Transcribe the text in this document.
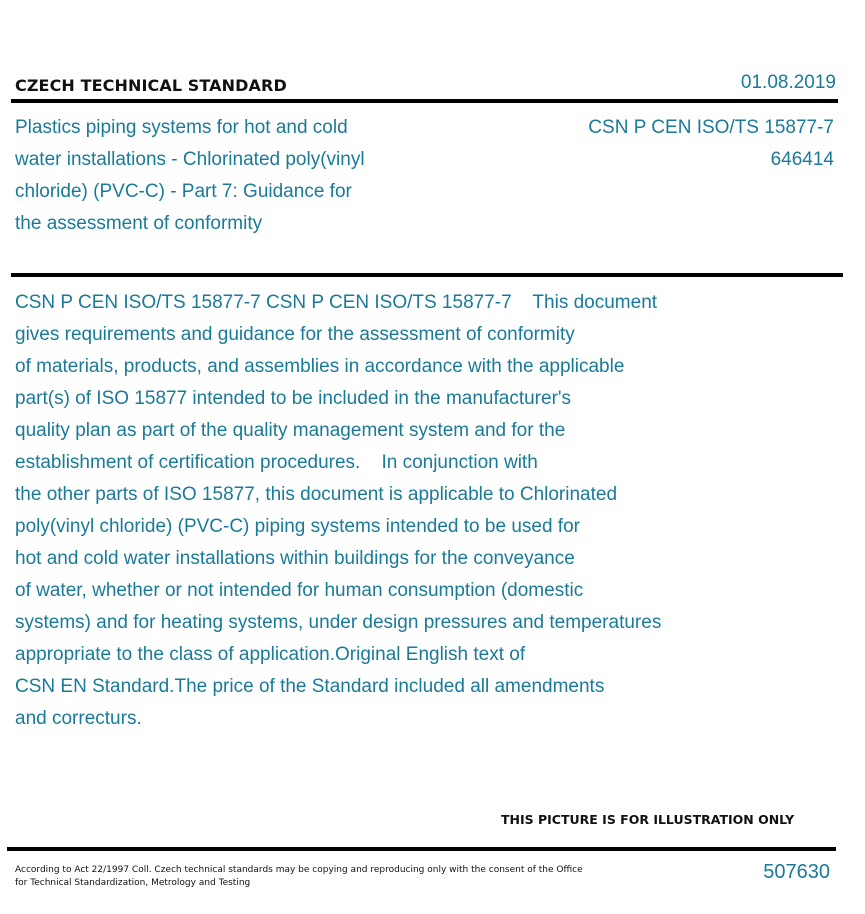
CZECH TECHNICAL STANDARD	01.08.2019
Plastics piping systems for hot and cold
water installations - Chlorinated poly(vinyl
chloride) (PVC-C) - Part 7: Guidance for
the assessment of conformity
CSN P CEN ISO/TS 15877-7
646414
CSN P CEN ISO/TS 15877-7 CSN P CEN ISO/TS 15877-7    This document
gives requirements and guidance for the assessment of conformity
of materials, products, and assemblies in accordance with the applicable
part(s) of ISO 15877 intended to be included in the manufacturer's
quality plan as part of the quality management system and for the
establishment of certification procedures.    In conjunction with
the other parts of ISO 15877, this document is applicable to Chlorinated
poly(vinyl chloride) (PVC-C) piping systems intended to be used for
hot and cold water installations within buildings for the conveyance
of water, whether or not intended for human consumption (domestic
systems) and for heating systems, under design pressures and temperatures
appropriate to the class of application.Original English text of
CSN EN Standard.The price of the Standard included all amendments
and correcturs.
THIS PICTURE IS FOR ILLUSTRATION ONLY
According to Act 22/1997 Coll. Czech technical standards may be copying and reproducing only with the consent of the Office
for Technical Standardization, Metrology and Testing	507630
